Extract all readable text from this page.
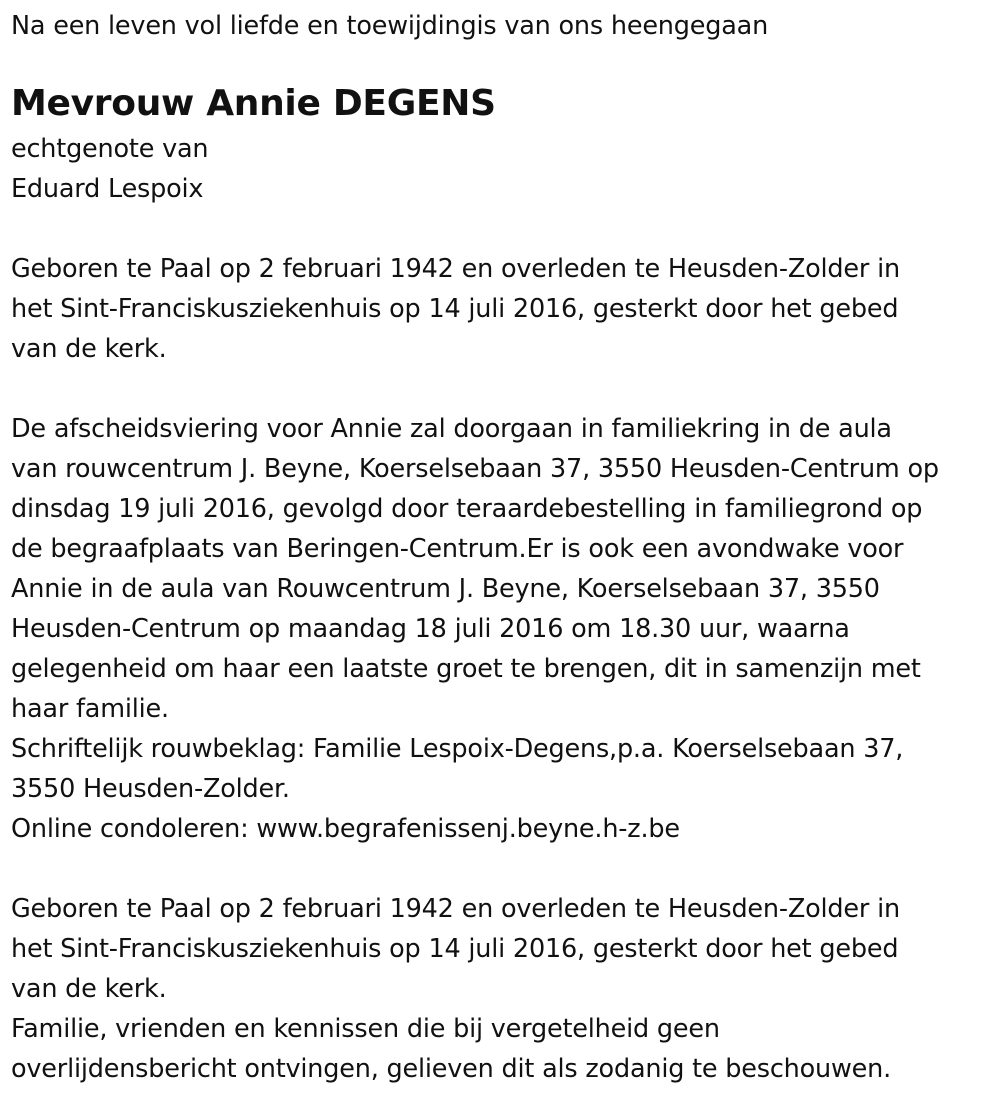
Na een leven vol liefde en toewijdingis van ons heengegaan
Mevrouw Annie DEGENS
echtgenote van
Eduard Lespoix
Geboren te Paal op 2 februari 1942 en overleden te Heusden-Zolder in
het Sint-Franciskusziekenhuis op 14 juli 2016, gesterkt door het gebed
van de kerk.
De afscheidsviering voor Annie zal doorgaan in familiekring in de aula
van rouwcentrum J. Beyne, Koerselsebaan 37, 3550 Heusden-Centrum op
dinsdag 19 juli 2016, gevolgd door teraardebestelling in familiegrond op
de begraafplaats van Beringen-Centrum.Er is ook een avondwake voor
Annie in de aula van Rouwcentrum J. Beyne, Koerselsebaan 37, 3550
Heusden-Centrum op maandag 18 juli 2016 om 18.30 uur, waarna
gelegenheid om haar een laatste groet te brengen, dit in samenzijn met
haar familie.
Schriftelijk rouwbeklag: Familie Lespoix-Degens,p.a. Koerselsebaan 37,
3550 Heusden-Zolder.
Online condoleren: www.begrafenissenj.beyne.h-z.be
Geboren te Paal op 2 februari 1942 en overleden te Heusden-Zolder in
het Sint-Franciskusziekenhuis op 14 juli 2016, gesterkt door het gebed
van de kerk.
Familie, vrienden en kennissen die bij vergetelheid geen
overlijdensbericht ontvingen, gelieven dit als zodanig te beschouwen.
